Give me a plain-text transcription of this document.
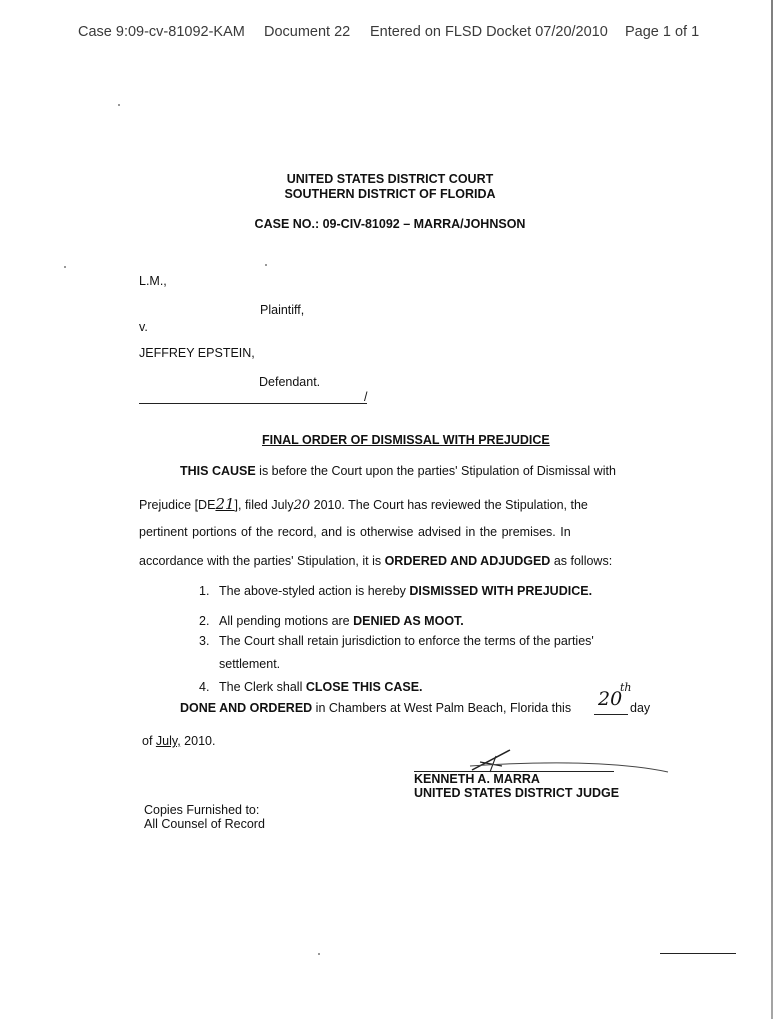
Case 9:09-cv-81092-KAM Document 22 Entered on FLSD Docket 07/20/2010 Page 1 of 1
UNITED STATES DISTRICT COURT
SOUTHERN DISTRICT OF FLORIDA
CASE NO.: 09-CIV-81092 – MARRA/JOHNSON
L.M.,
Plaintiff,
v.
JEFFREY EPSTEIN,
Defendant.
/
FINAL ORDER OF DISMISSAL WITH PREJUDICE
THIS CAUSE is before the Court upon the parties' Stipulation of Dismissal with
Prejudice [DE21], filed July20 2010. The Court has reviewed the Stipulation, the
pertinent portions of the record, and is otherwise advised in the premises. In
accordance with the parties' Stipulation, it is ORDERED AND ADJUDGED as follows:
1. The above-styled action is hereby DISMISSED WITH PREJUDICE.
2. All pending motions are DENIED AS MOOT.
3. The Court shall retain jurisdiction to enforce the terms of the parties'
settlement.
4. The Clerk shall CLOSE THIS CASE.
DONE AND ORDERED in Chambers at West Palm Beach, Florida this 20
th
day
of July, 2010.
KENNETH A. MARRA
UNITED STATES DISTRICT JUDGE
Copies Furnished to:
All Counsel of Record
